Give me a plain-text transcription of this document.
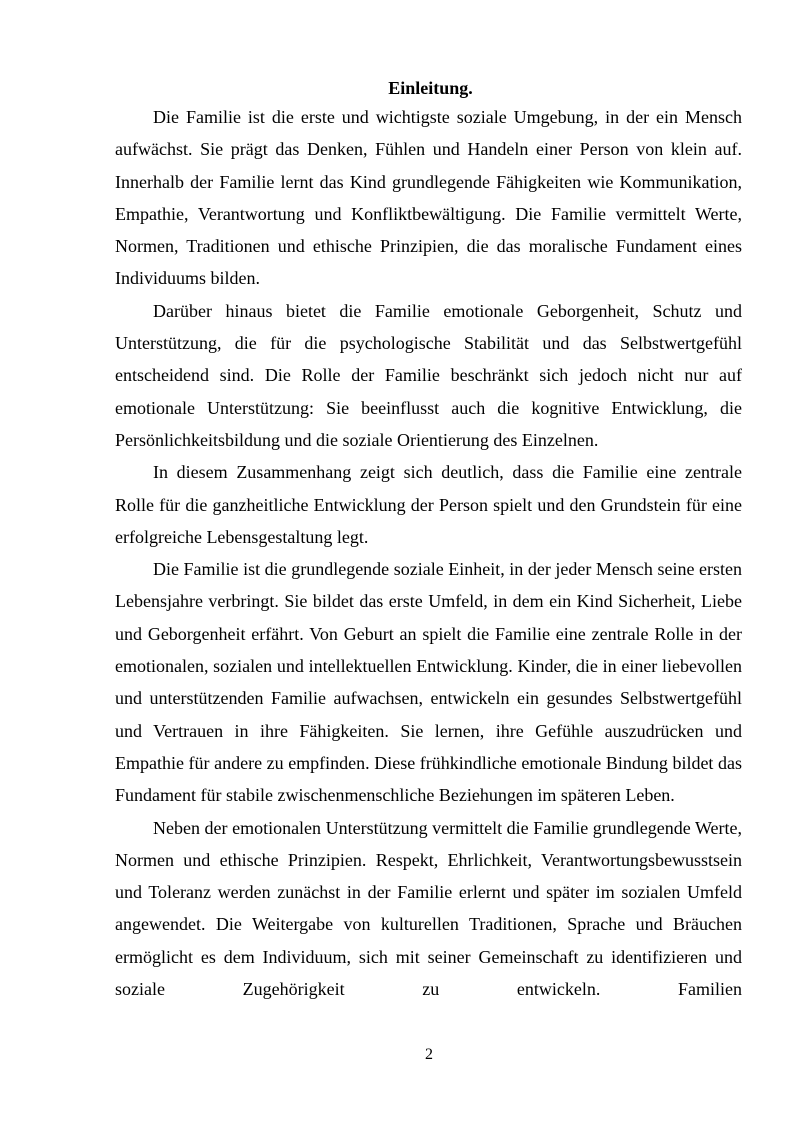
Einleitung.

Die Familie ist die erste und wichtigste soziale Umgebung, in der ein Mensch aufwächst. Sie prägt das Denken, Fühlen und Handeln einer Person von klein auf. Innerhalb der Familie lernt das Kind grundlegende Fähigkeiten wie Kommunikation, Empathie, Verantwortung und Konfliktbewältigung. Die Familie vermittelt Werte, Normen, Traditionen und ethische Prinzipien, die das moralische Fundament eines Individuums bilden.

Darüber hinaus bietet die Familie emotionale Geborgenheit, Schutz und Unterstützung, die für die psychologische Stabilität und das Selbstwertgefühl entscheidend sind. Die Rolle der Familie beschränkt sich jedoch nicht nur auf emotionale Unterstützung: Sie beeinflusst auch die kognitive Entwicklung, die Persönlichkeitsbildung und die soziale Orientierung des Einzelnen.

In diesem Zusammenhang zeigt sich deutlich, dass die Familie eine zentrale Rolle für die ganzheitliche Entwicklung der Person spielt und den Grundstein für eine erfolgreiche Lebensgestaltung legt.

Die Familie ist die grundlegende soziale Einheit, in der jeder Mensch seine ersten Lebensjahre verbringt. Sie bildet das erste Umfeld, in dem ein Kind Sicherheit, Liebe und Geborgenheit erfährt. Von Geburt an spielt die Familie eine zentrale Rolle in der emotionalen, sozialen und intellektuellen Entwicklung. Kinder, die in einer liebevollen und unterstützenden Familie aufwachsen, entwickeln ein gesundes Selbstwertgefühl und Vertrauen in ihre Fähigkeiten. Sie lernen, ihre Gefühle auszudrücken und Empathie für andere zu empfinden. Diese frühkindliche emotionale Bindung bildet das Fundament für stabile zwischenmenschliche Beziehungen im späteren Leben.

Neben der emotionalen Unterstützung vermittelt die Familie grundlegende Werte, Normen und ethische Prinzipien. Respekt, Ehrlichkeit, Verantwortungsbewusstsein und Toleranz werden zunächst in der Familie erlernt und später im sozialen Umfeld angewendet. Die Weitergabe von kulturellen Traditionen, Sprache und Bräuchen ermöglicht es dem Individuum, sich mit seiner Gemeinschaft zu identifizieren und soziale Zugehörigkeit zu entwickeln. Familien

2
